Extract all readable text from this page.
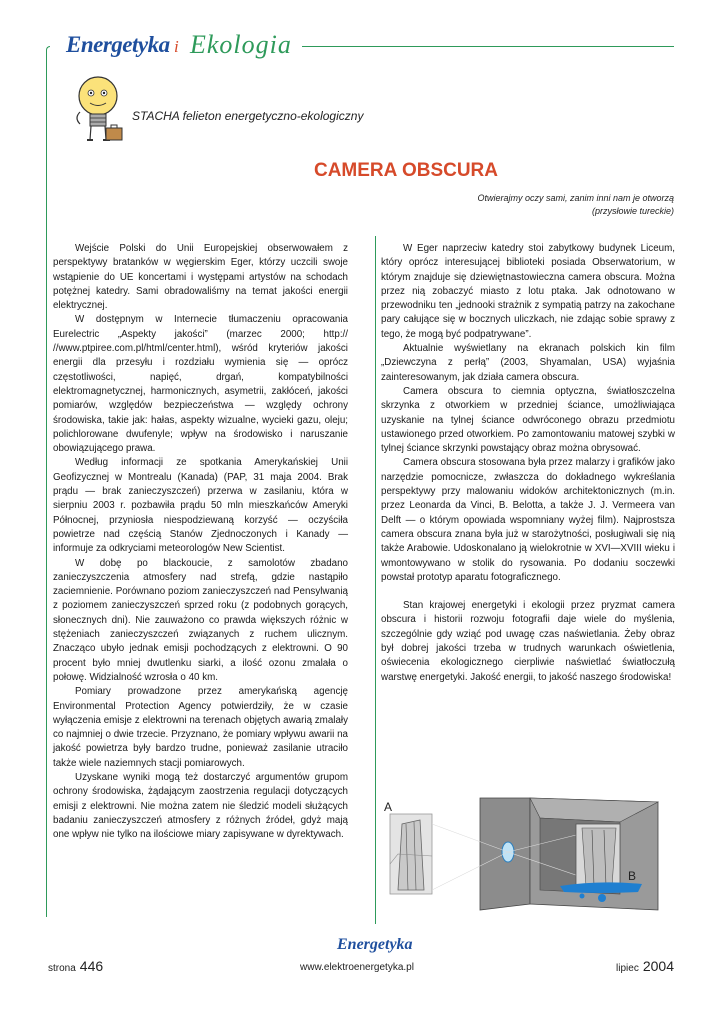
Energetyka i Ekologia
STACHA felieton energetyczno-ekologiczny
CAMERA OBSCURA
Otwierajmy oczy sami, zanim inni nam je otworzą
(przysłowie tureckie)

Wejście Polski do Unii Europejskiej obserwowałem z perspektywy bratanków w węgierskim Eger, którzy uczcili swoje wstąpienie do UE koncertami i występami artystów na schodach potężnej katedry. Sami obradowaliśmy na temat jakości energii elektrycznej.

W dostępnym w Internecie tłumaczeniu opracowania Eurelectric „Aspekty jakości” (marzec 2000; http:// //www.ptpiree.com.pl/html/center.html), wśród kryteriów jakości energii dla przesyłu i rozdziału wymienia się — oprócz częstotliwości, napięć, drgań, kompatybilności elektromagnetycznej, harmonicznych, asymetrii, zakłóceń, jakości pomiarów, względów bezpieczeństwa — względy ochrony środowiska, takie jak: hałas, aspekty wizualne, wycieki gazu, oleju; polichlorowane dwufenyle; wpływ na środowisko i naruszanie obowiązującego prawa.

Według informacji ze spotkania Amerykańskiej Unii Geofizycznej w Montrealu (Kanada) (PAP, 31 maja 2004. Brak prądu — brak zanieczyszczeń) przerwa w zasilaniu, która w sierpniu 2003 r. pozbawiła prądu 50 mln mieszkańców Ameryki Północnej, przyniosła niespodziewaną korzyść — oczyściła powietrze nad częścią Stanów Zjednoczonych i Kanady — informuje za odkryciami meteorologów New Scientist.

W dobę po blackoucie, z samolotów zbadano zanieczyszczenia atmosfery nad strefą, gdzie nastąpiło zaciemnienie. Porównano poziom zanieczyszczeń nad Pensylwanią z poziomem zanieczyszczeń sprzed roku (z podobnych gorących, słonecznych dni). Nie zauważono co prawda większych różnic w stężeniach zanieczyszczeń związanych z ruchem ulicznym. Znacząco ubyło jednak emisji pochodzących z elektrowni. O 90 procent było mniej dwutlenku siarki, a ilość ozonu zmalała o połowę. Widzialność wzrosła o 40 km.

Pomiary prowadzone przez amerykańską agencję Environmental Protection Agency potwierdziły, że w czasie wyłączenia emisje z elektrowni na terenach objętych awarią zmalały co najmniej o dwie trzecie. Przyznano, że pomiary wpływu awarii na jakość powietrza były bardzo trudne, ponieważ zasilanie utraciło także wiele naziemnych stacji pomiarowych.

Uzyskane wyniki mogą też dostarczyć argumentów grupom ochrony środowiska, żądającym zaostrzenia regulacji dotyczących emisji z elektrowni. Nie można zatem nie śledzić modeli służących badaniu zanieczyszczeń atmosfery z różnych źródeł, gdyż mają one wpływ nie tylko na ilościowe miary zapisywane w dyrektywach.

W Eger naprzeciw katedry stoi zabytkowy budynek Liceum, który oprócz interesującej biblioteki posiada Obserwatorium, w którym znajduje się dziewiętnastowieczna camera obscura. Można przez nią zobaczyć miasto z lotu ptaka. Jak odnotowano w przewodniku ten „jednooki strażnik z sympatią patrzy na zakochane pary całujące się w bocznych uliczkach, nie zdając sobie sprawy z tego, że mogą być podpatrywane”.

Aktualnie wyświetlany na ekranach polskich kin film „Dziewczyna z perłą” (2003, Shyamalan, USA) wyjaśnia zainteresowanym, jak działa camera obscura.

Camera obscura to ciemnia optyczna, światłoszczelna skrzynka z otworkiem w przedniej ściance, umożliwiająca uzyskanie na tylnej ściance odwróconego obrazu przedmiotu ustawionego przed otworkiem. Po zamontowaniu matowej szybki w tylnej ściance skrzynki powstający obraz można obrysować.

Camera obscura stosowana była przez malarzy i grafików jako narzędzie pomocnicze, zwłaszcza do dokładnego wykreślania perspektywy przy malowaniu widoków architektonicznych (m.in. przez Leonarda da Vinci, B. Belotta, a także J. J. Vermeera van Delft — o którym opowiada wspomniany wyżej film). Najprostsza camera obscura znana była już w starożytności, posługiwali się nią także Arabowie. Udoskonalano ją wielokrotnie w XVI—XVIII wieku i wmontowywano w stolik do rysowania. Po dodaniu soczewki powstał prototyp aparatu fotograficznego.

Stan krajowej energetyki i ekologii przez pryzmat camera obscura i historii rozwoju fotografii daje wiele do myślenia, szczególnie gdy wziąć pod uwagę czas naświetlania. Żeby obraz był dobrej jakości trzeba w trudnych warunkach oświetlenia, oświecenia ekologicznego cierpliwie naświetlać światłoczułą warstwę energetyki. Jakość energii, to jakość naszego środowiska!

A
B
Energetyka
strona 446	www.elektroenergetyka.pl	lipiec 2004
